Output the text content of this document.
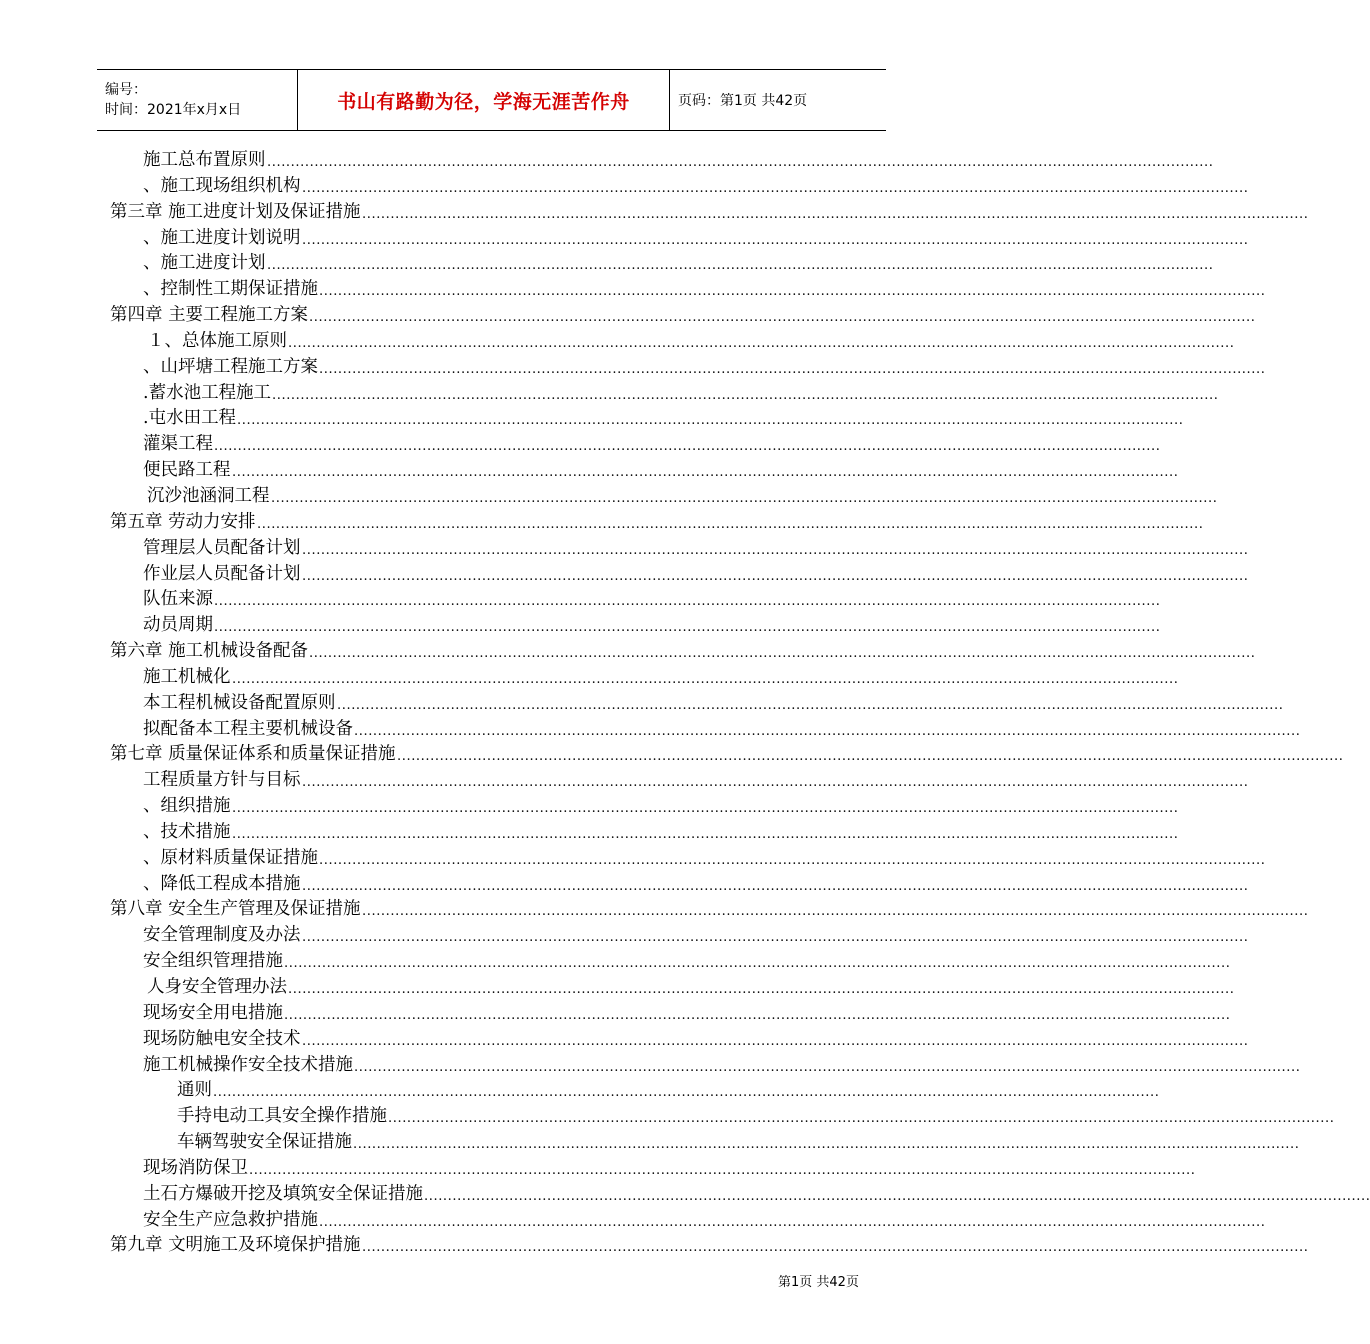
编号：
时间：2021年x月x日	书山有路勤为径，学海无涯苦作舟	页码：第1页 共42页
施工总布置原则 ........................................................................................................................................................................................................
、施工现场组织机构 ........................................................................................................................................................................................................
第三章 施工进度计划及保证措施 ........................................................................................................................................................................................................
、施工进度计划说明 ........................................................................................................................................................................................................
、施工进度计划 ........................................................................................................................................................................................................
、控制性工期保证措施 ........................................................................................................................................................................................................
第四章 主要工程施工方案 ........................................................................................................................................................................................................
１、总体施工原则 ........................................................................................................................................................................................................
、山坪塘工程施工方案 ........................................................................................................................................................................................................
.蓄水池工程施工 ........................................................................................................................................................................................................
.屯水田工程 ........................................................................................................................................................................................................
灌渠工程 ........................................................................................................................................................................................................
便民路工程 ........................................................................................................................................................................................................
沉沙池涵洞工程 ........................................................................................................................................................................................................
第五章 劳动力安排 ........................................................................................................................................................................................................
管理层人员配备计划 ........................................................................................................................................................................................................
作业层人员配备计划 ........................................................................................................................................................................................................
队伍来源 ........................................................................................................................................................................................................
动员周期 ........................................................................................................................................................................................................
第六章 施工机械设备配备 ........................................................................................................................................................................................................
施工机械化 ........................................................................................................................................................................................................
本工程机械设备配置原则 ........................................................................................................................................................................................................
拟配备本工程主要机械设备 ........................................................................................................................................................................................................
第七章 质量保证体系和质量保证措施 ........................................................................................................................................................................................................
工程质量方针与目标 ........................................................................................................................................................................................................
、组织措施 ........................................................................................................................................................................................................
、技术措施 ........................................................................................................................................................................................................
、原材料质量保证措施 ........................................................................................................................................................................................................
、降低工程成本措施 ........................................................................................................................................................................................................
第八章 安全生产管理及保证措施 ........................................................................................................................................................................................................
安全管理制度及办法 ........................................................................................................................................................................................................
安全组织管理措施 ........................................................................................................................................................................................................
人身安全管理办法 ........................................................................................................................................................................................................
现场安全用电措施 ........................................................................................................................................................................................................
现场防触电安全技术 ........................................................................................................................................................................................................
施工机械操作安全技术措施 ........................................................................................................................................................................................................
通则 ........................................................................................................................................................................................................
手持电动工具安全操作措施 ........................................................................................................................................................................................................
车辆驾驶安全保证措施 ........................................................................................................................................................................................................
现场消防保卫 ........................................................................................................................................................................................................
土石方爆破开挖及填筑安全保证措施 ........................................................................................................................................................................................................
安全生产应急救护措施 ........................................................................................................................................................................................................
第九章 文明施工及环境保护措施 ........................................................................................................................................................................................................
第1页 共42页
